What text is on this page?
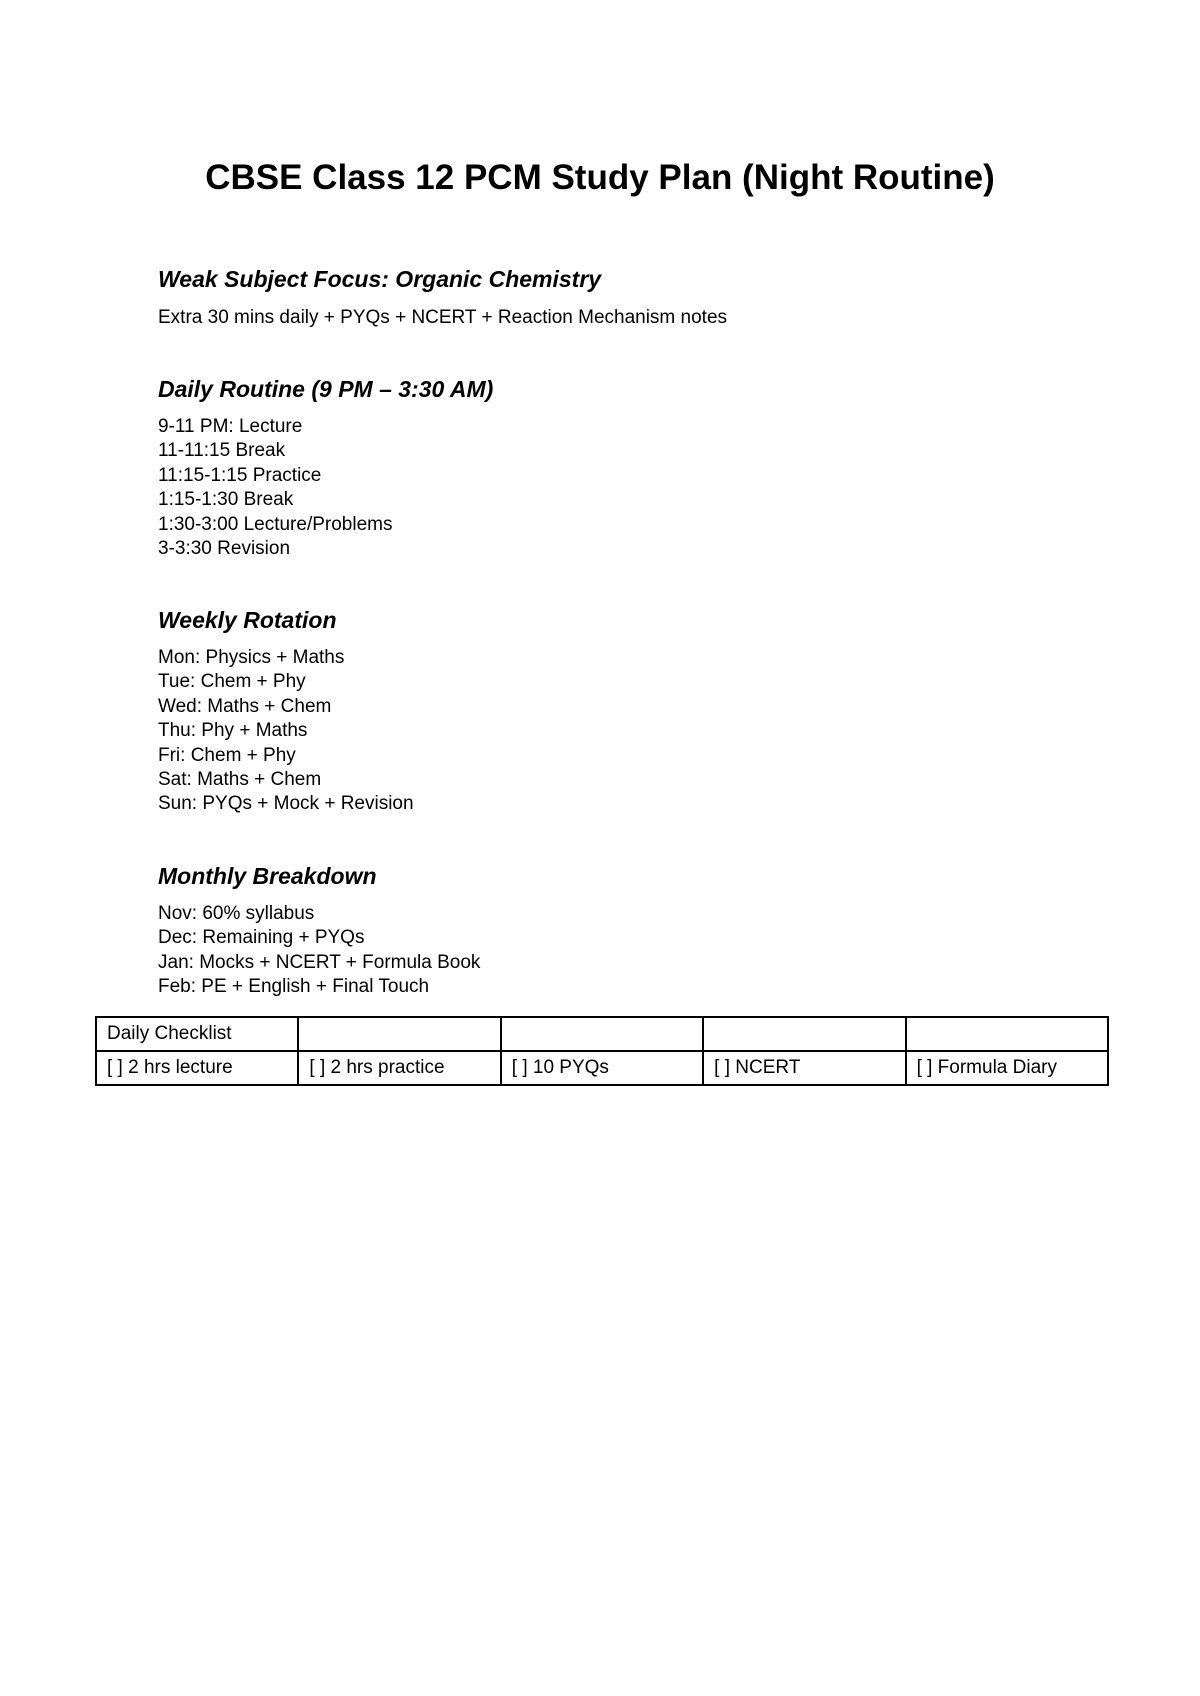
CBSE Class 12 PCM Study Plan (Night Routine)
Weak Subject Focus: Organic Chemistry

Extra 30 mins daily + PYQs + NCERT + Reaction Mechanism notes

Daily Routine (9 PM – 3:30 AM)
9-11 PM: Lecture
11-11:15 Break
11:15-1:15 Practice
1:15-1:30 Break
1:30-3:00 Lecture/Problems
3-3:30 Revision
Weekly Rotation
Mon: Physics + Maths
Tue: Chem + Phy
Wed: Maths + Chem
Thu: Phy + Maths
Fri: Chem + Phy
Sat: Maths + Chem
Sun: PYQs + Mock + Revision
Monthly Breakdown
Nov: 60% syllabus
Dec: Remaining + PYQs
Jan: Mocks + NCERT + Formula Book
Feb: PE + English + Final Touch
Daily Checklist				
[ ] 2 hrs lecture	[ ] 2 hrs practice	[ ] 10 PYQs	[ ] NCERT	[ ] Formula Diary
